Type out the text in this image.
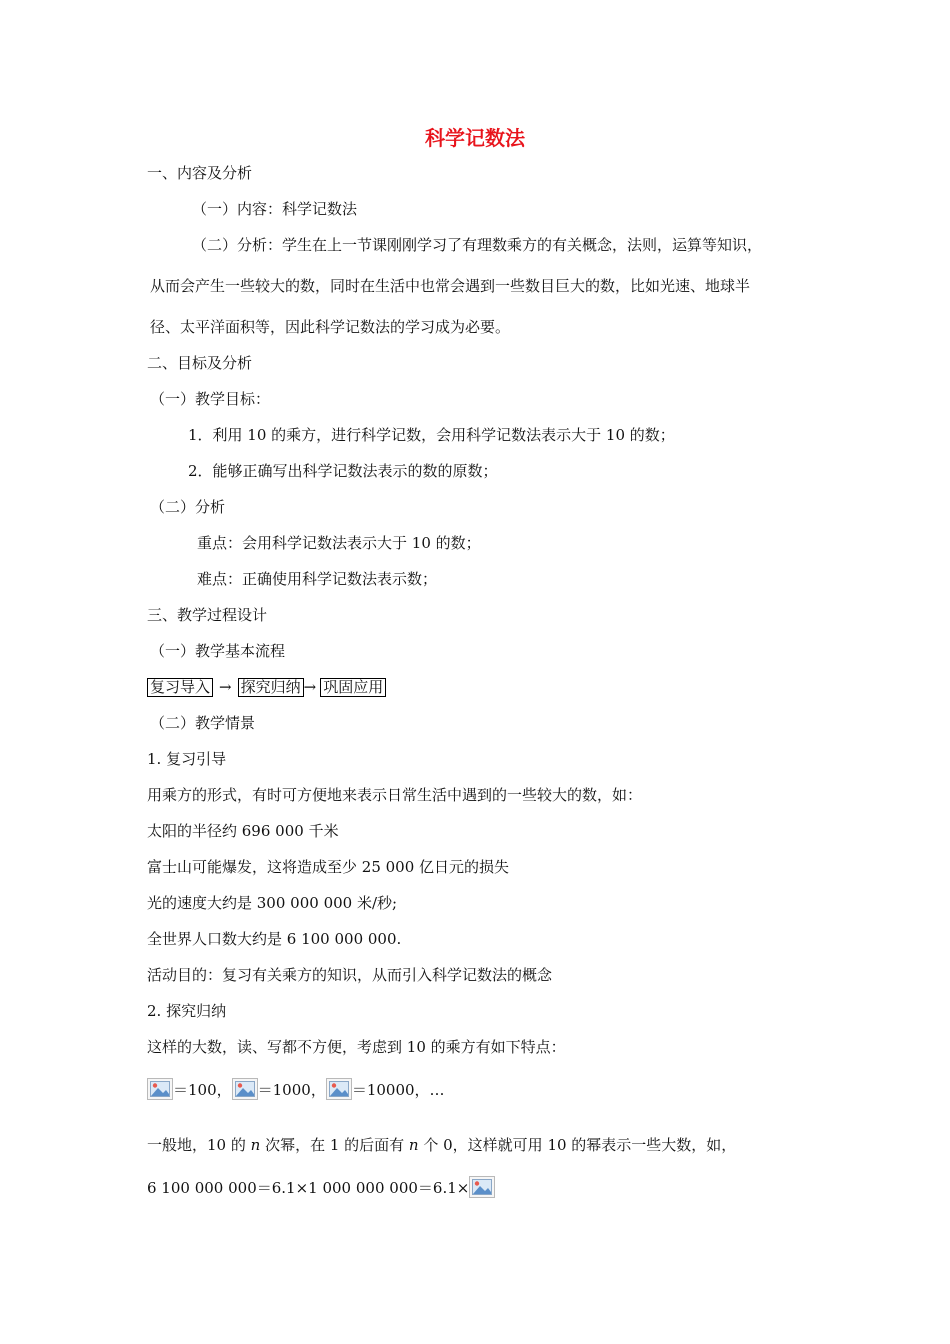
科学记数法
一、内容及分析
（一）内容：科学记数法
（二）分析：学生在上一节课刚刚学习了有理数乘方的有关概念，法则，运算等知识，
从而会产生一些较大的数，同时在生活中也常会遇到一些数目巨大的数，比如光速、地球半
径、太平洋面积等，因此科学记数法的学习成为必要。
二、目标及分析
（一）教学目标：
1．利用 10 的乘方，进行科学记数，会用科学记数法表示大于 10 的数；
2．能够正确写出科学记数法表示的数的原数；
（二）分析
重点：会用科学记数法表示大于 10 的数；
难点：正确使用科学记数法表示数；
三、教学过程设计
（一）教学基本流程
复习导入 → 探究归纳 → 巩固应用
（二）教学情景
1. 复习引导
用乘方的形式，有时可方便地来表示日常生活中遇到的一些较大的数，如：
太阳的半径约 696 000 千米
富士山可能爆发，这将造成至少 25 000 亿日元的损失
光的速度大约是 300 000 000 米/秒;
全世界人口数大约是 6 100 000 000.
活动目的：复习有关乘方的知识，从而引入科学记数法的概念
2. 探究归纳
这样的大数，读、写都不方便，考虑到 10 的乘方有如下特点：
＝100， ＝1000， ＝10000，…
一般地，10 的 n 次幂，在 1 的后面有 n 个 0，这样就可用 10 的幂表示一些大数，如，
6 100 000 000＝6.1×1 000 000 000＝6.1×
